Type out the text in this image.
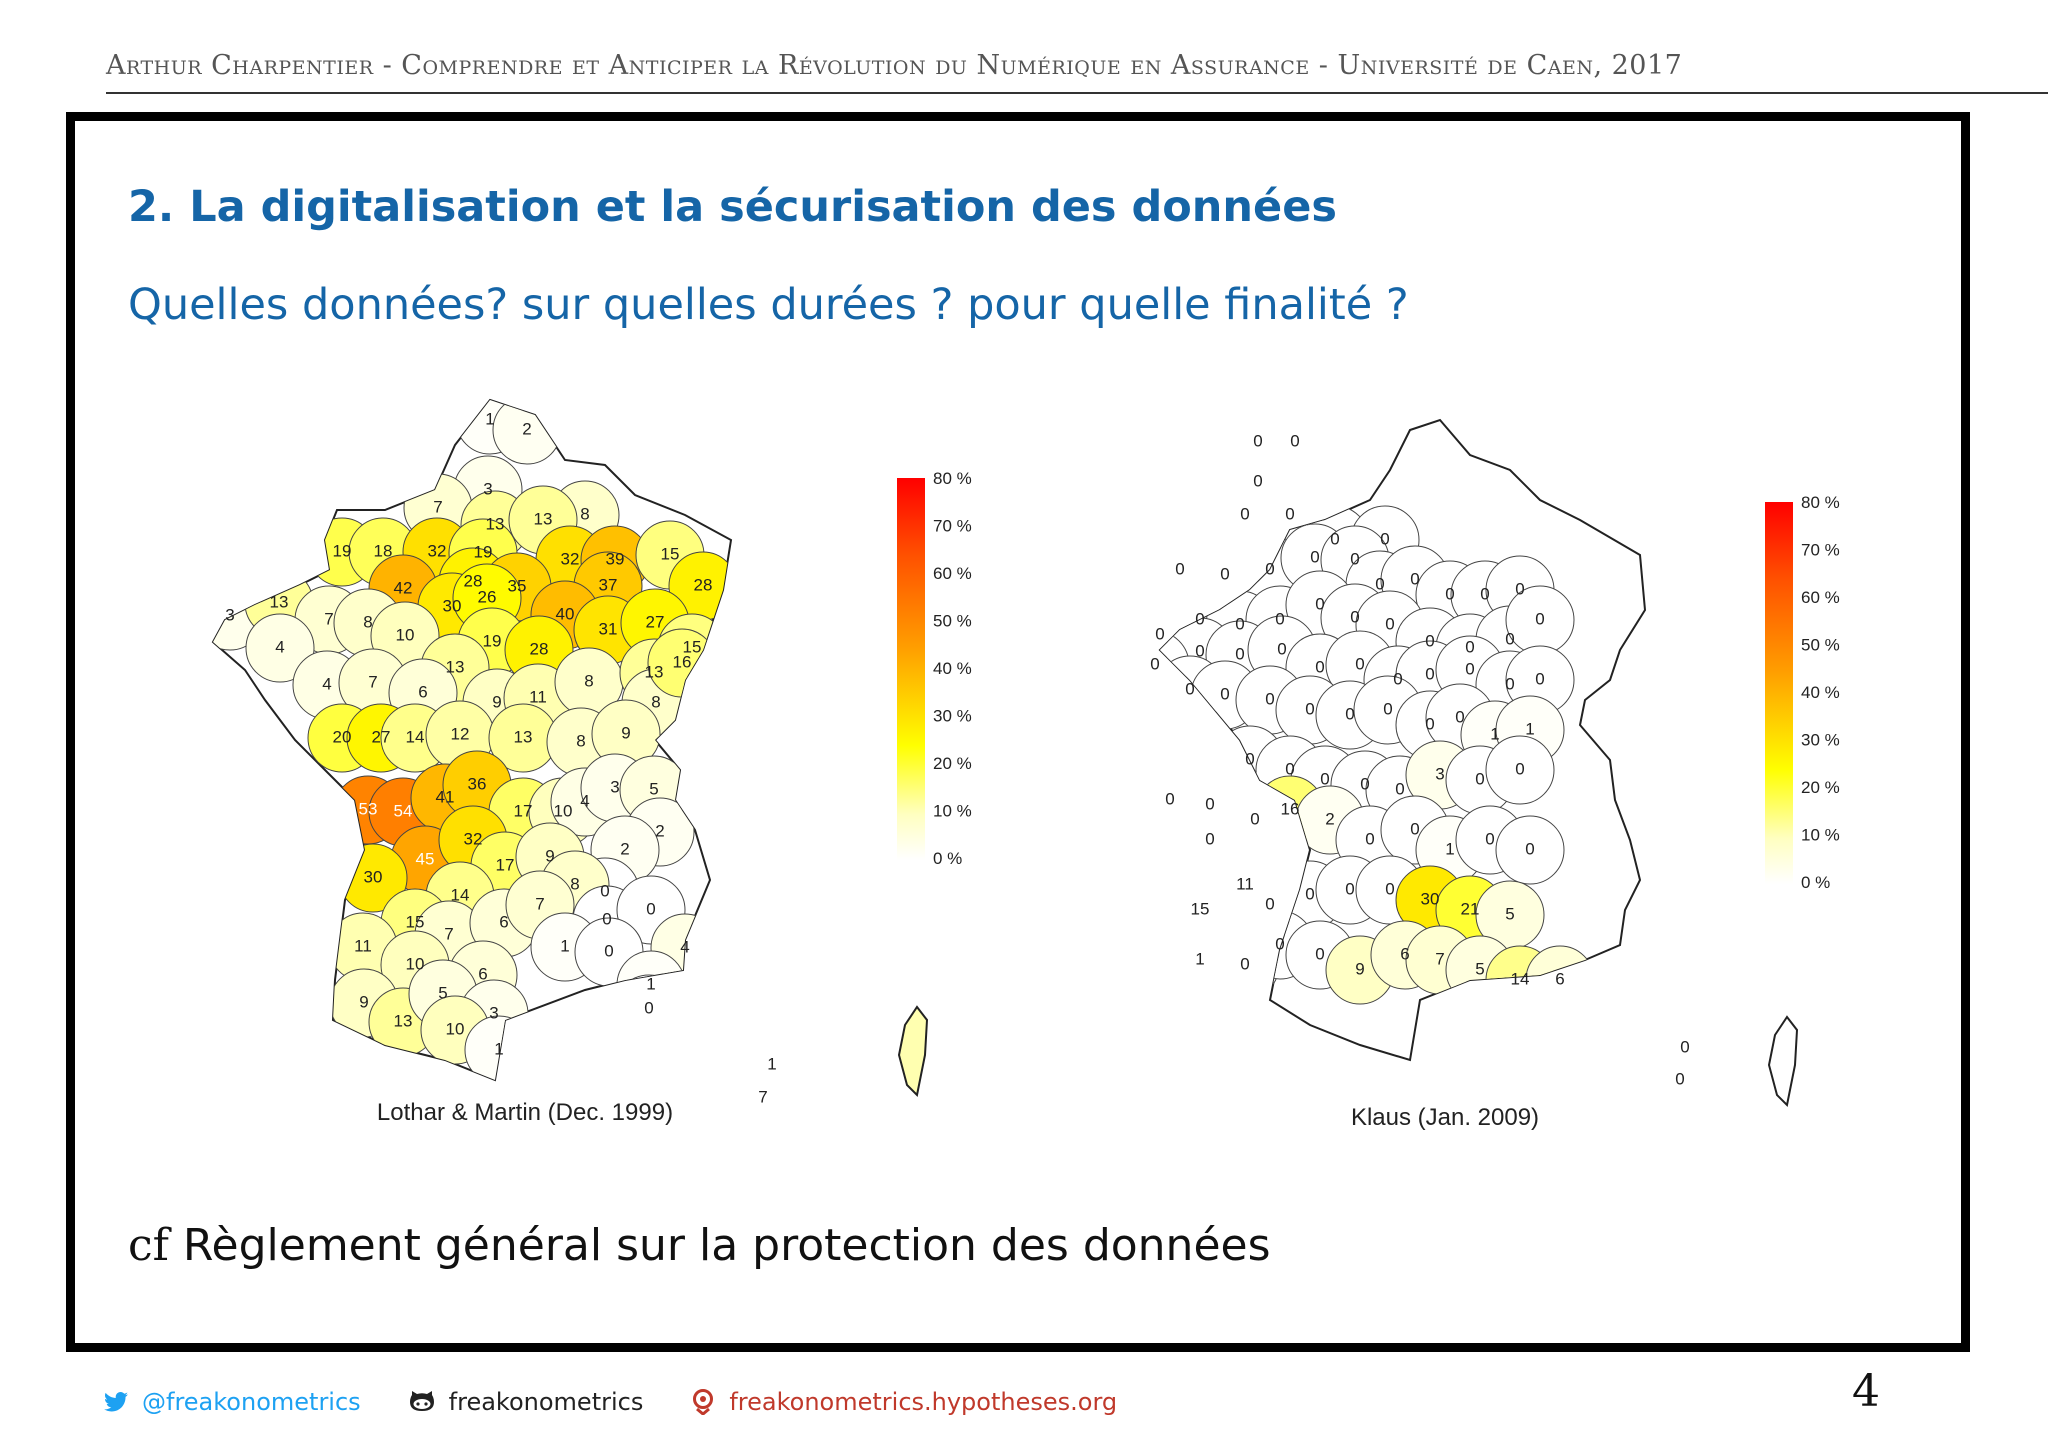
Arthur Charpentier - Comprendre et Anticiper la Révolution du Numérique en Assurance - Université de Caen, 2017
2. La digitalisation et la sécurisation des données
Quelles données? sur quelles durées ? pour quelle finalité ?
1
2
3
7
13
8
19 18 32 19
13
32 39 15
28
42	28 35	37
3
13
7 8
30 26
40
31 27
4
10	19 28	15
4 7
13
6
9 11
8	13
8
16
20 27 14 12	13	8 9
53 54
41
36
17 10
4
3 5
2
45
32
30
17 9	2
0
14
8
15
7
6
7
0
0
11
10
6
1 0	4
9
13
5
3
10
1
1
0
1
7
80 %
70 %
60 %
50 %
40 %
30 %
20 %
10 %
0 %
Lothar & Martin (Dec. 1999)
0 0
0
0 0
0 0
0 0 0
0 0
0 0
0 0 0
0
0 0 0
0
0 0
0 0 0
0
0 0 0
0 0
0 0 0
0 0
0
0 0 0
0 0 0
0 0
1 1
0 0
0
0
0 0 0
3 0
0
0
0
16
2
0
0
1
0
0
15
11
0
0 0 0
30
21 5
1 0
0
0
9
6 7
5
14 6
0
0
80 %
70 %
60 %
50 %
40 %
30 %
20 %
10 %
0 %
Klaus (Jan. 2009)
cf Règlement général sur la protection des données
@freakonometrics	freakonometrics	freakonometrics.hypotheses.org	4
